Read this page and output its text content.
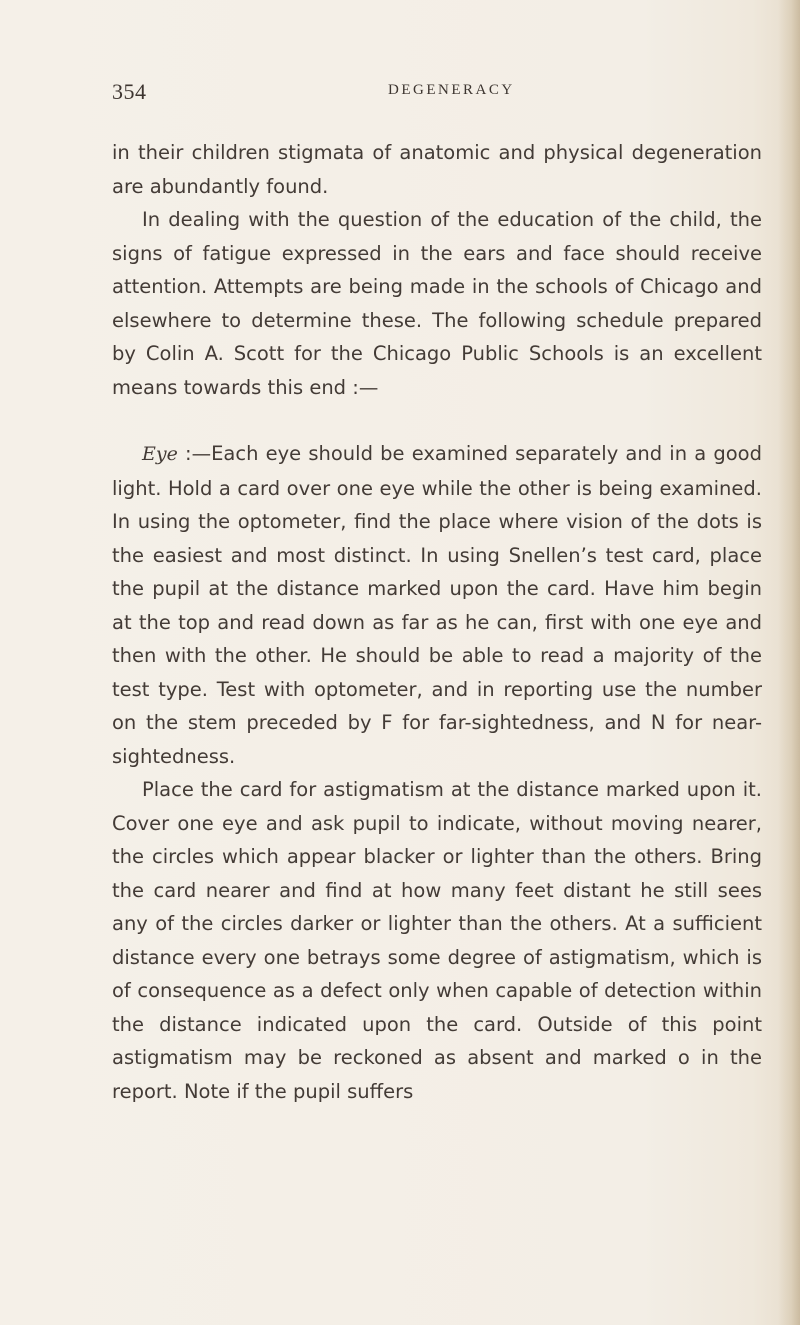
354	DEGENERACY

in their children stigmata of anatomic and physical degeneration are abundantly found.

In dealing with the question of the education of the child, the signs of fatigue expressed in the ears and face should receive attention. Attempts are being made in the schools of Chicago and elsewhere to determine these. The following schedule prepared by Colin A. Scott for the Chicago Public Schools is an excellent means towards this end :—

Eye :—Each eye should be examined separately and in a good light. Hold a card over one eye while the other is being examined. In using the optometer, find the place where vision of the dots is the easiest and most distinct. In using Snellen’s test card, place the pupil at the distance marked upon the card. Have him begin at the top and read down as far as he can, first with one eye and then with the other. He should be able to read a majority of the test type. Test with optometer, and in reporting use the number on the stem preceded by F for far-sightedness, and N for near-sightedness.

Place the card for astigmatism at the distance marked upon it. Cover one eye and ask pupil to indicate, without moving nearer, the circles which appear blacker or lighter than the others. Bring the card nearer and find at how many feet distant he still sees any of the circles darker or lighter than the others. At a sufficient distance every one betrays some degree of astigmatism, which is of consequence as a defect only when capable of detection within the distance indicated upon the card. Outside of this point astigmatism may be reckoned as absent and marked o in the report. Note if the pupil suffers
